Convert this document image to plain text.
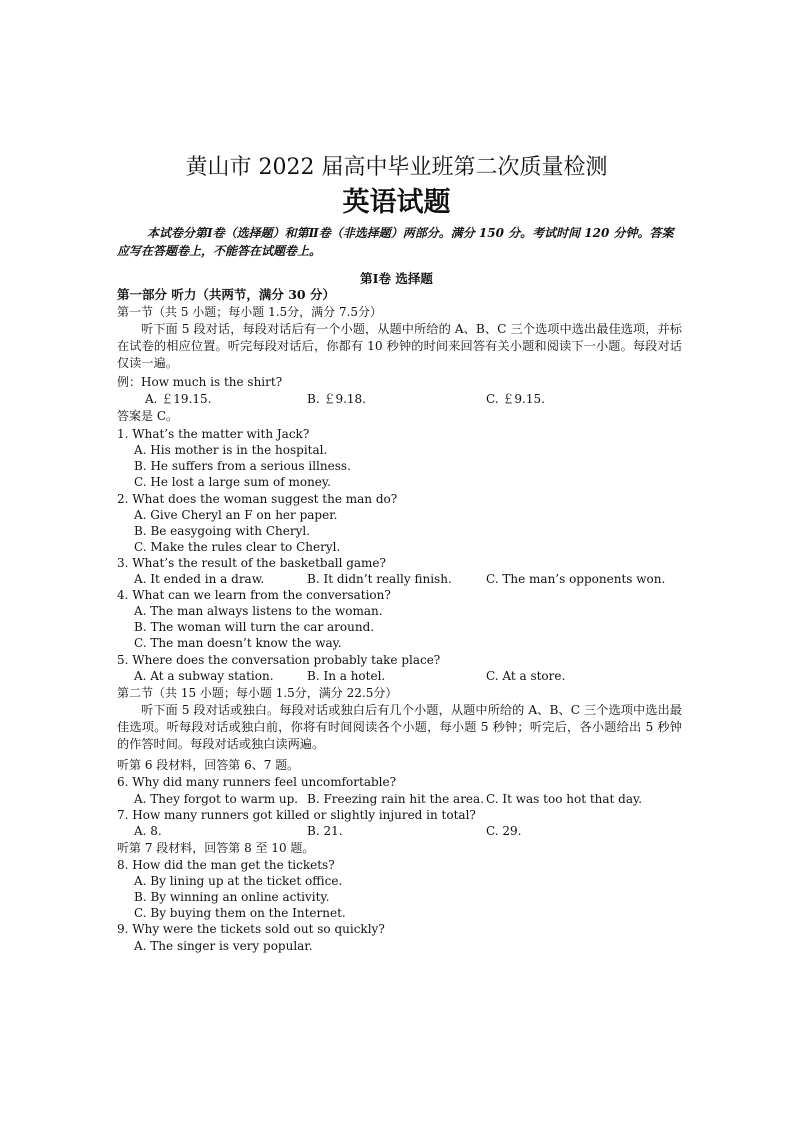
黄山市 2022 届高中毕业班第二次质量检测
英语试题
本试卷分第Ⅰ卷（选择题）和第Ⅱ卷（非选择题）两部分。满分 150 分。考试时间 120 分钟。答案应写在答题卷上，不能答在试题卷上。
第Ⅰ卷 选择题
第一部分 听力（共两节，满分 30 分）
第一节（共 5 小题；每小题 1.5分，满分 7.5分）
听下面 5 段对话，每段对话后有一个小题，从题中所给的 A、B、C 三个选项中选出最佳选项，并标在试卷的相应位置。听完每段对话后，你都有 10 秒钟的时间来回答有关小题和阅读下一小题。每段对话仅读一遍。
例：How much is the shirt?
A. ￡19.15.	B. ￡9.18.	C. ￡9.15.
答案是 C。
1. What’s the matter with Jack?
A. His mother is in the hospital.
B. He suffers from a serious illness.
C. He lost a large sum of money.
2. What does the woman suggest the man do?
A. Give Cheryl an F on her paper.
B. Be easygoing with Cheryl.
C. Make the rules clear to Cheryl.
3. What’s the result of the basketball game?
A. It ended in a draw.	B. It didn’t really finish.	C. The man’s opponents won.
4. What can we learn from the conversation?
A. The man always listens to the woman.
B. The woman will turn the car around.
C. The man doesn’t know the way.
5. Where does the conversation probably take place?
A. At a subway station.	B. In a hotel.	C. At a store.
第二节（共 15 小题；每小题 1.5分，满分 22.5分）
听下面 5 段对话或独白。每段对话或独白后有几个小题，从题中所给的 A、B、C 三个选项中选出最佳选项。听每段对话或独白前，你将有时间阅读各个小题，每小题 5 秒钟；听完后，各小题给出 5 秒钟的作答时间。每段对话或独白读两遍。
听第 6 段材料，回答第 6、7 题。
6. Why did many runners feel uncomfortable?
A. They forgot to warm up. B. Freezing rain hit the area. C. It was too hot that day.
7. How many runners got killed or slightly injured in total?
A. 8.	B. 21.	C. 29.
听第 7 段材料，回答第 8 至 10 题。
8. How did the man get the tickets?
A. By lining up at the ticket office.
B. By winning an online activity.
C. By buying them on the Internet.
9. Why were the tickets sold out so quickly?
A. The singer is very popular.
